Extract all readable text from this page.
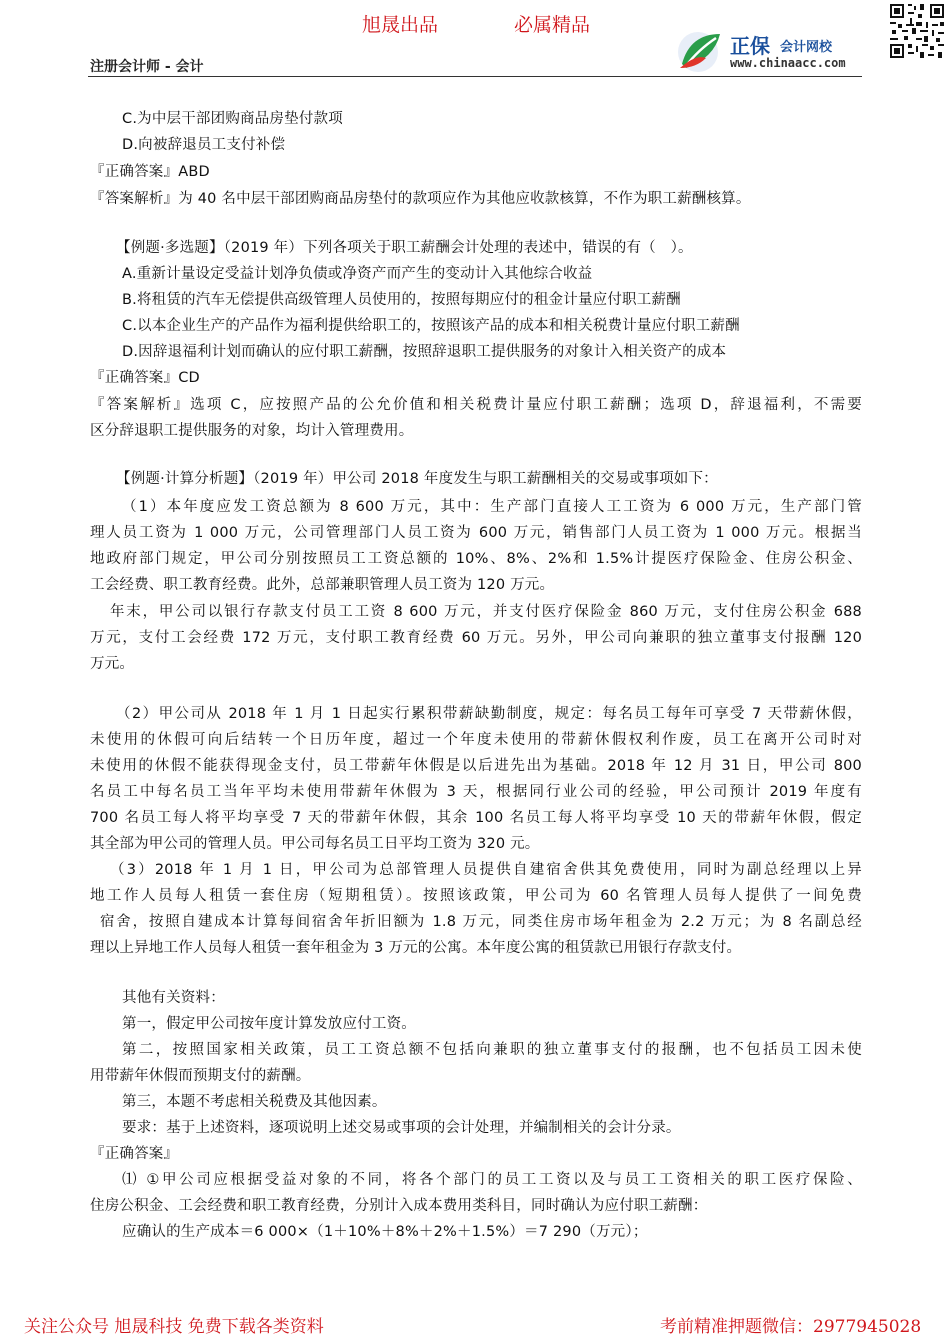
旭晟出品	必属精品
注册会计师 - 会计
正保 会计网校
www.chinaacc.com
C.为中层干部团购商品房垫付款项
D.向被辞退员工支付补偿
『正确答案』ABD
『答案解析』为 40 名中层干部团购商品房垫付的款项应作为其他应收款核算，不作为职工薪酬核算。
【例题·多选题】（2019 年）下列各项关于职工薪酬会计处理的表述中，错误的有（　）。
A.重新计量设定受益计划净负债或净资产而产生的变动计入其他综合收益
B.将租赁的汽车无偿提供高级管理人员使用的，按照每期应付的租金计量应付职工薪酬
C.以本企业生产的产品作为福利提供给职工的，按照该产品的成本和相关税费计量应付职工薪酬
D.因辞退福利计划而确认的应付职工薪酬，按照辞退职工提供服务的对象计入相关资产的成本
『正确答案』CD
『答案解析』选项 C，应按照产品的公允价值和相关税费计量应付职工薪酬；选项 D，辞退福利，不需要
区分辞退职工提供服务的对象，均计入管理费用。
【例题·计算分析题】（2019 年）甲公司 2018 年度发生与职工薪酬相关的交易或事项如下：
（1）本年度应发工资总额为 8 600 万元，其中：生产部门直接人工工资为 6 000 万元，生产部门管
理人员工资为 1 000 万元，公司管理部门人员工资为 600 万元，销售部门人员工资为 1 000 万元。根据当
地政府部门规定，甲公司分别按照员工工资总额的 10%、8%、2%和 1.5%计提医疗保险金、住房公积金、
工会经费、职工教育经费。此外，总部兼职管理人员工资为 120 万元。
年末，甲公司以银行存款支付员工工资 8 600 万元，并支付医疗保险金 860 万元，支付住房公积金 688
万元，支付工会经费 172 万元，支付职工教育经费 60 万元。另外，甲公司向兼职的独立董事支付报酬 120
万元。
（2）甲公司从 2018 年 1 月 1 日起实行累积带薪缺勤制度，规定：每名员工每年可享受 7 天带薪休假，
未使用的休假可向后结转一个日历年度，超过一个年度未使用的带薪休假权利作废，员工在离开公司时对
未使用的休假不能获得现金支付，员工带薪年休假是以后进先出为基础。2018 年 12 月 31 日，甲公司 800
名员工中每名员工当年平均未使用带薪年休假为 3 天，根据同行业公司的经验，甲公司预计 2019 年度有
700 名员工每人将平均享受 7 天的带薪年休假，其余 100 名员工每人将平均享受 10 天的带薪年休假，假定
其全部为甲公司的管理人员。甲公司每名员工日平均工资为 320 元。
（3）2018 年 1 月 1 日，甲公司为总部管理人员提供自建宿舍供其免费使用，同时为副总经理以上异
地工作人员每人租赁一套住房（短期租赁）。按照该政策，甲公司为 60 名管理人员每人提供了一间免费
宿舍，按照自建成本计算每间宿舍年折旧额为 1.8 万元，同类住房市场年租金为 2.2 万元；为 8 名副总经
理以上异地工作人员每人租赁一套年租金为 3 万元的公寓。本年度公寓的租赁款已用银行存款支付。
其他有关资料：
第一，假定甲公司按年度计算发放应付工资。
第二，按照国家相关政策，员工工资总额不包括向兼职的独立董事支付的报酬，也不包括员工因未使
用带薪年休假而预期支付的薪酬。
第三，本题不考虑相关税费及其他因素。
要求：基于上述资料，逐项说明上述交易或事项的会计处理，并编制相关的会计分录。
『正确答案』
⑴ ①甲公司应根据受益对象的不同，将各个部门的员工工资以及与员工工资相关的职工医疗保险、
住房公积金、工会经费和职工教育经费，分别计入成本费用类科目，同时确认为应付职工薪酬：
应确认的生产成本＝6 000×（1＋10%＋8%＋2%＋1.5%）＝7 290（万元）；
关注公众号 旭晟科技 免费下载各类资料	考前精准押题微信：2977945028
